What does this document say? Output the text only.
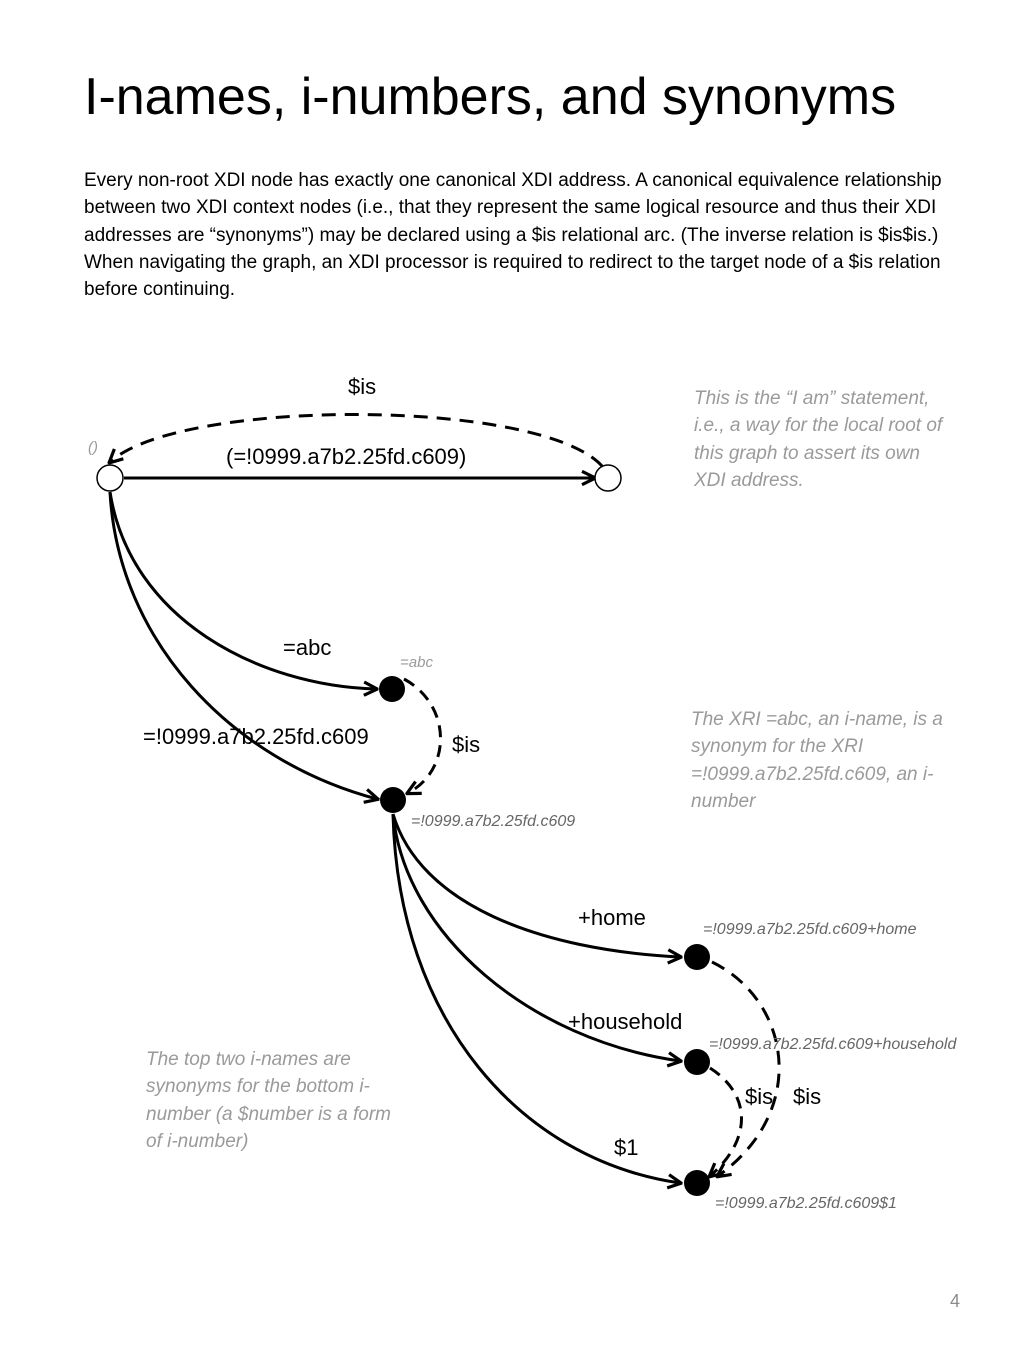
I-names, i-numbers, and synonyms

Every non-root XDI node has exactly one canonical XDI address. A canonical equivalence relationship between two XDI context nodes (i.e., that they represent the same logical resource and thus their XDI addresses are “synonyms”) may be declared using a $is relational arc. (The inverse relation is $is$is.) When navigating the graph, an XDI processor is required to redirect to the target node of a $is relation before continuing.

(=!0999.a7b2.25fd.c609)
$is
=abc
=!0999.a7b2.25fd.c609	$is
+home
+household
$1
$is $is
()
=abc
=!0999.a7b2.25fd.c609
=!0999.a7b2.25fd.c609+home
=!0999.a7b2.25fd.c609+household
=!0999.a7b2.25fd.c609$1

This is the “I am” statement, i.e., a way for the local root of this graph to assert its own XDI address.

The XRI =abc, an i-name, is a synonym for the XRI =!0999.a7b2.25fd.c609, an i-number

The top two i-names are synonyms for the bottom i-number (a $number is a form of i-number)

4
